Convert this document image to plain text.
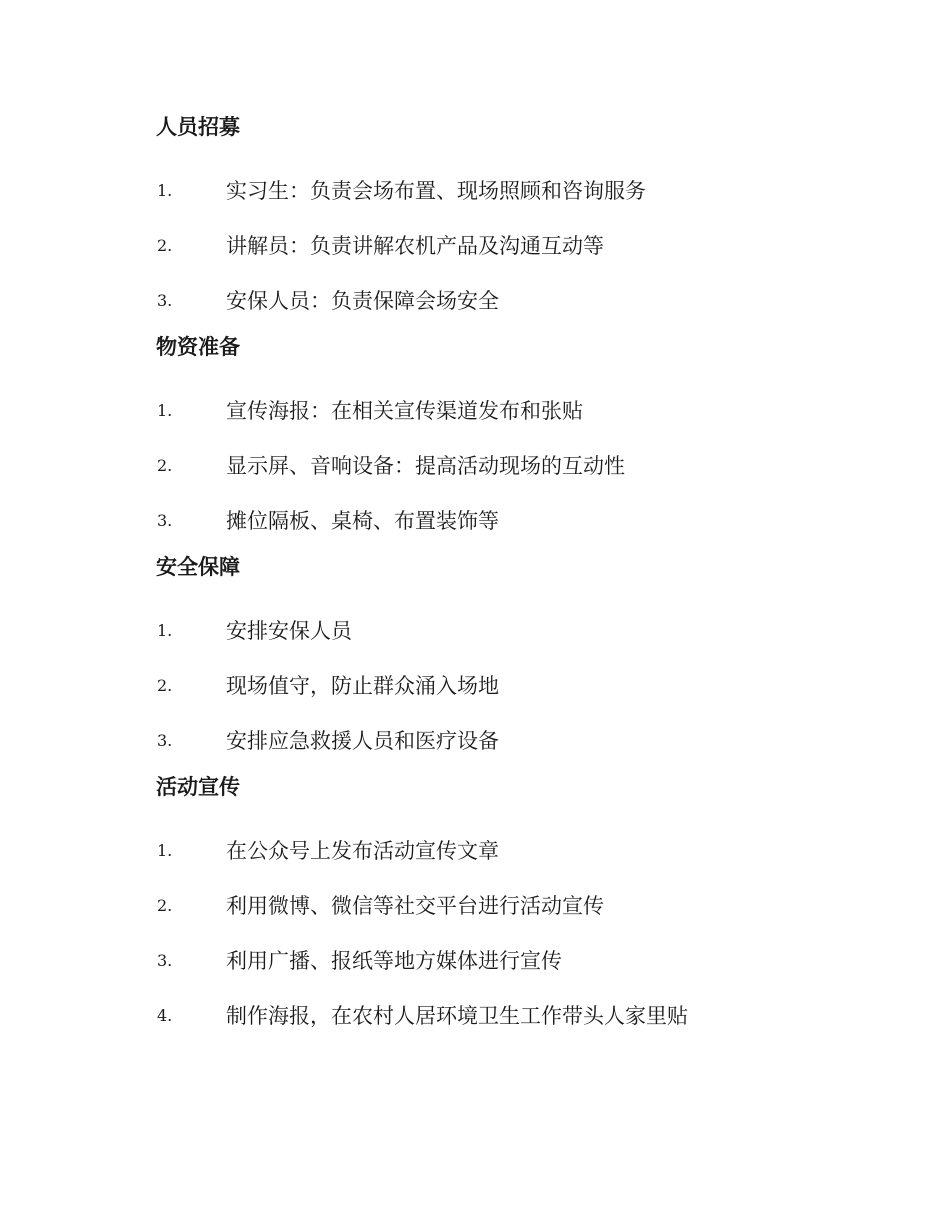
人员招募
1.	实习生：负责会场布置、现场照顾和咨询服务
2.	讲解员：负责讲解农机产品及沟通互动等
3.	安保人员：负责保障会场安全
物资准备
1.	宣传海报：在相关宣传渠道发布和张贴
2.	显示屏、音响设备：提高活动现场的互动性
3.	摊位隔板、桌椅、布置装饰等
安全保障
1.	安排安保人员
2.	现场值守，防止群众涌入场地
3.	安排应急救援人员和医疗设备
活动宣传
1.	在公众号上发布活动宣传文章
2.	利用微博、微信等社交平台进行活动宣传
3.	利用广播、报纸等地方媒体进行宣传
4.	制作海报，在农村人居环境卫生工作带头人家里贴
